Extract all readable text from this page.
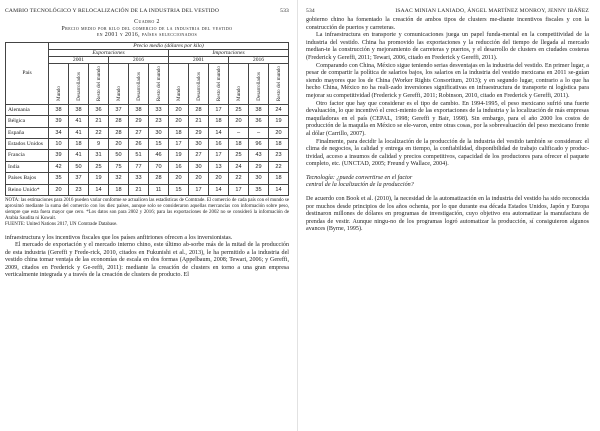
CAMBIO TECNOLÓGICO Y RELOCALIZACIÓN DE LA INDUSTRIA DEL VESTIDO	533
Cuadro 2
Precio medio por kilo del comercio de la industria del vestido
en 2001 y 2016, países seleccionados
País	Precio medio (dólares por kilo)											
	Exportaciones						Importaciones					
	2001			2016			2001			2016		
	Mundo	Desarrollados	Resto del mundo	Mundo	Desarrollados	Resto del mundo	Mundo	Desarrollados	Resto del mundo	Mundo	Desarrollados	Resto del mundo
Alemania	38	38	36	37	38	33	20	28	17	25	38	24
Bélgica	39	41	21	28	29	23	20	21	18	20	36	19
España	34	41	22	28	27	30	18	29	14	–	–	20
Estados Unidos	10	18	9	20	26	15	17	30	16	18	96	18
Francia	39	41	31	50	51	46	19	27	17	25	43	23
India	42	50	25	75	77	70	16	30	13	24	29	22
Países Bajos	35	37	19	32	33	28	20	20	20	22	30	18
Reino Unido*	20	23	14	18	21	11	15	17	14	17	35	14
NOTA: las estimaciones para 2016 pueden variar conforme se actualicen las estadísticas de Comtrade. El comercio de cada país con el mundo se aproximó mediante la suma del comercio con los diez países, aunque solo se consideraron aquellas mercancías con información sobre peso, siempre que esta fuera mayor que cero. *Los datos son para 2002 y 2016; para las exportaciones de 2002 no se consideró la información de Arabia Saudita ni Kuwait.
FUENTE: United Nations 2017, UN Comtrade Database.

infraestructura y los incentivos fiscales que los países anfitriones ofrecen a los inversionistas.

El mercado de exportación y el mercado interno chino, este último ab-sorbe más de la mitad de la producción de esta industria (Gereffi y Frede-rick, 2010, citados en Fukunishi et al., 2013), le ha permitido a la industria del vestido china tomar ventaja de las economías de escala en dos formas (Appelbaum, 2008; Tewari, 2006; y Gereffi, 2009, citados en Frederick y Ge-reffi, 2011): mediante la creación de clusters en torno a una gran empresa verticalmente integrada y a través de la creación de clusters de producto. El

534	ISAAC MINIAN LANIADO, ÁNGEL MARTÍNEZ MONROY, JENNY IBÁÑEZ

gobierno chino ha fomentado la creación de ambos tipos de clusters me-diante incentivos fiscales y con la construcción de puertos y carreteras.

La infraestructura en transporte y comunicaciones juega un papel funda-mental en la competitividad de la industria del vestido. China ha promovido las exportaciones y la reducción del tiempo de llegada al mercado median-te la construcción y mejoramiento de carreteras y puertos, y el desarrollo de clusters en ciudades costeras (Frederick y Gereffi, 2011; Tewari, 2006, citado en Frederick y Gereffi, 2011).

Comparando con China, México sigue teniendo serias desventajas en la industria del vestido. En primer lugar, a pesar de compartir la política de salarios bajos, los salarios en la industria del vestido mexicana en 2011 se-guían siendo mayores que los de China (Worker Rights Consortium, 2013); y en segundo lugar, contrario a lo que ha hecho China, México no ha reali-zado inversiones significativas en infraestructura de transporte ni logística para mejorar su competitividad (Frederick y Gereffi, 2011; Robinson, 2010, citado en Frederick y Gereffi, 2011).

Otro factor que hay que considerar es el tipo de cambio. En 1994-1995, el peso mexicano sufrió una fuerte devaluación, lo que incentivó el creci-miento de las exportaciones de la industria y la localización de más empresas maquiladoras en el país (CEPAL, 1998; Gereffi y Bair, 1998). Sin embargo, para el año 2000 los costos de producción de la maquila en México se ele-varon, entre otras cosas, por la sobrevaluación del peso mexicano frente al dólar (Carrillo, 2007).

Finalmente, para decidir la localización de la producción de la industria del vestido también se consideran: el clima de negocios, la calidad y entrega en tiempo, la confiabilidad, disponibilidad de trabajo calificado y produc-tividad, acceso a insumos de calidad y precios competitivos, capacidad de los productores para ofrecer el paquete completo, etc. (UNCTAD, 2005; Freund y Wallace, 2004).

Tecnología: ¿puede convertirse en el factor
central de la localización de la producción?

De acuerdo con Book et al. (2010), la necesidad de la automatización en la industria del vestido ha sido reconocida por muchos desde principios de los años ochenta, por lo que durante esa década Estados Unidos, Japón y Europa destinaron millones de dólares en programas de investigación, cuyo objetivo era automatizar la manufactura de prendas de vestir. Aunque ningu-no de los programas logró automatizar la producción, sí consiguieron algunos avances (Byrne, 1995).
